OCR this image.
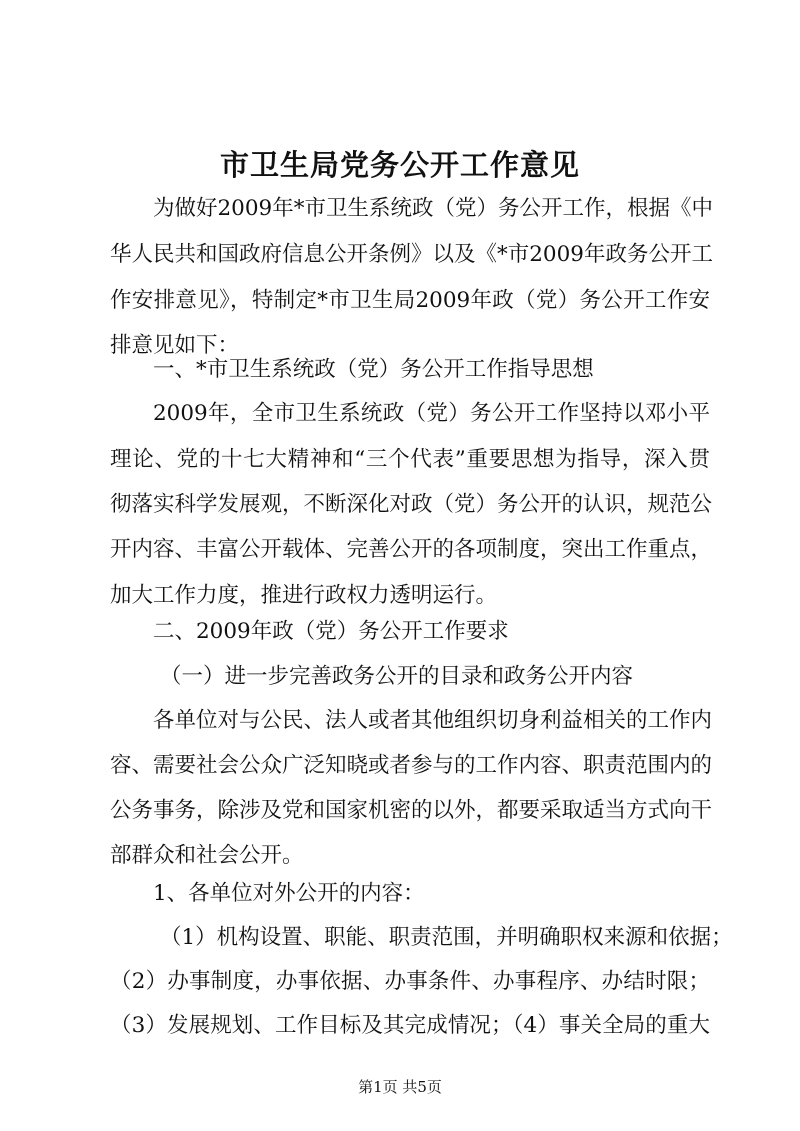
市卫生局党务公开工作意见
为做好2009年*市卫生系统政（党）务公开工作，根据《中
华人民共和国政府信息公开条例》以及《*市2009年政务公开工
作安排意见》，特制定*市卫生局2009年政（党）务公开工作安
排意见如下：
一、*市卫生系统政（党）务公开工作指导思想
2009年，全市卫生系统政（党）务公开工作坚持以邓小平
理论、党的十七大精神和“三个代表”重要思想为指导，深入贯
彻落实科学发展观，不断深化对政（党）务公开的认识，规范公
开内容、丰富公开载体、完善公开的各项制度，突出工作重点，
加大工作力度，推进行政权力透明运行。
二、2009年政（党）务公开工作要求
（一）进一步完善政务公开的目录和政务公开内容
各单位对与公民、法人或者其他组织切身利益相关的工作内
容、需要社会公众广泛知晓或者参与的工作内容、职责范围内的
公务事务，除涉及党和国家机密的以外，都要采取适当方式向干
部群众和社会公开。
1、各单位对外公开的内容：
（1）机构设置、职能、职责范围，并明确职权来源和依据；
（2）办事制度，办事依据、办事条件、办事程序、办结时限；
（3）发展规划、工作目标及其完成情况；（4）事关全局的重大
第1页 共5页
